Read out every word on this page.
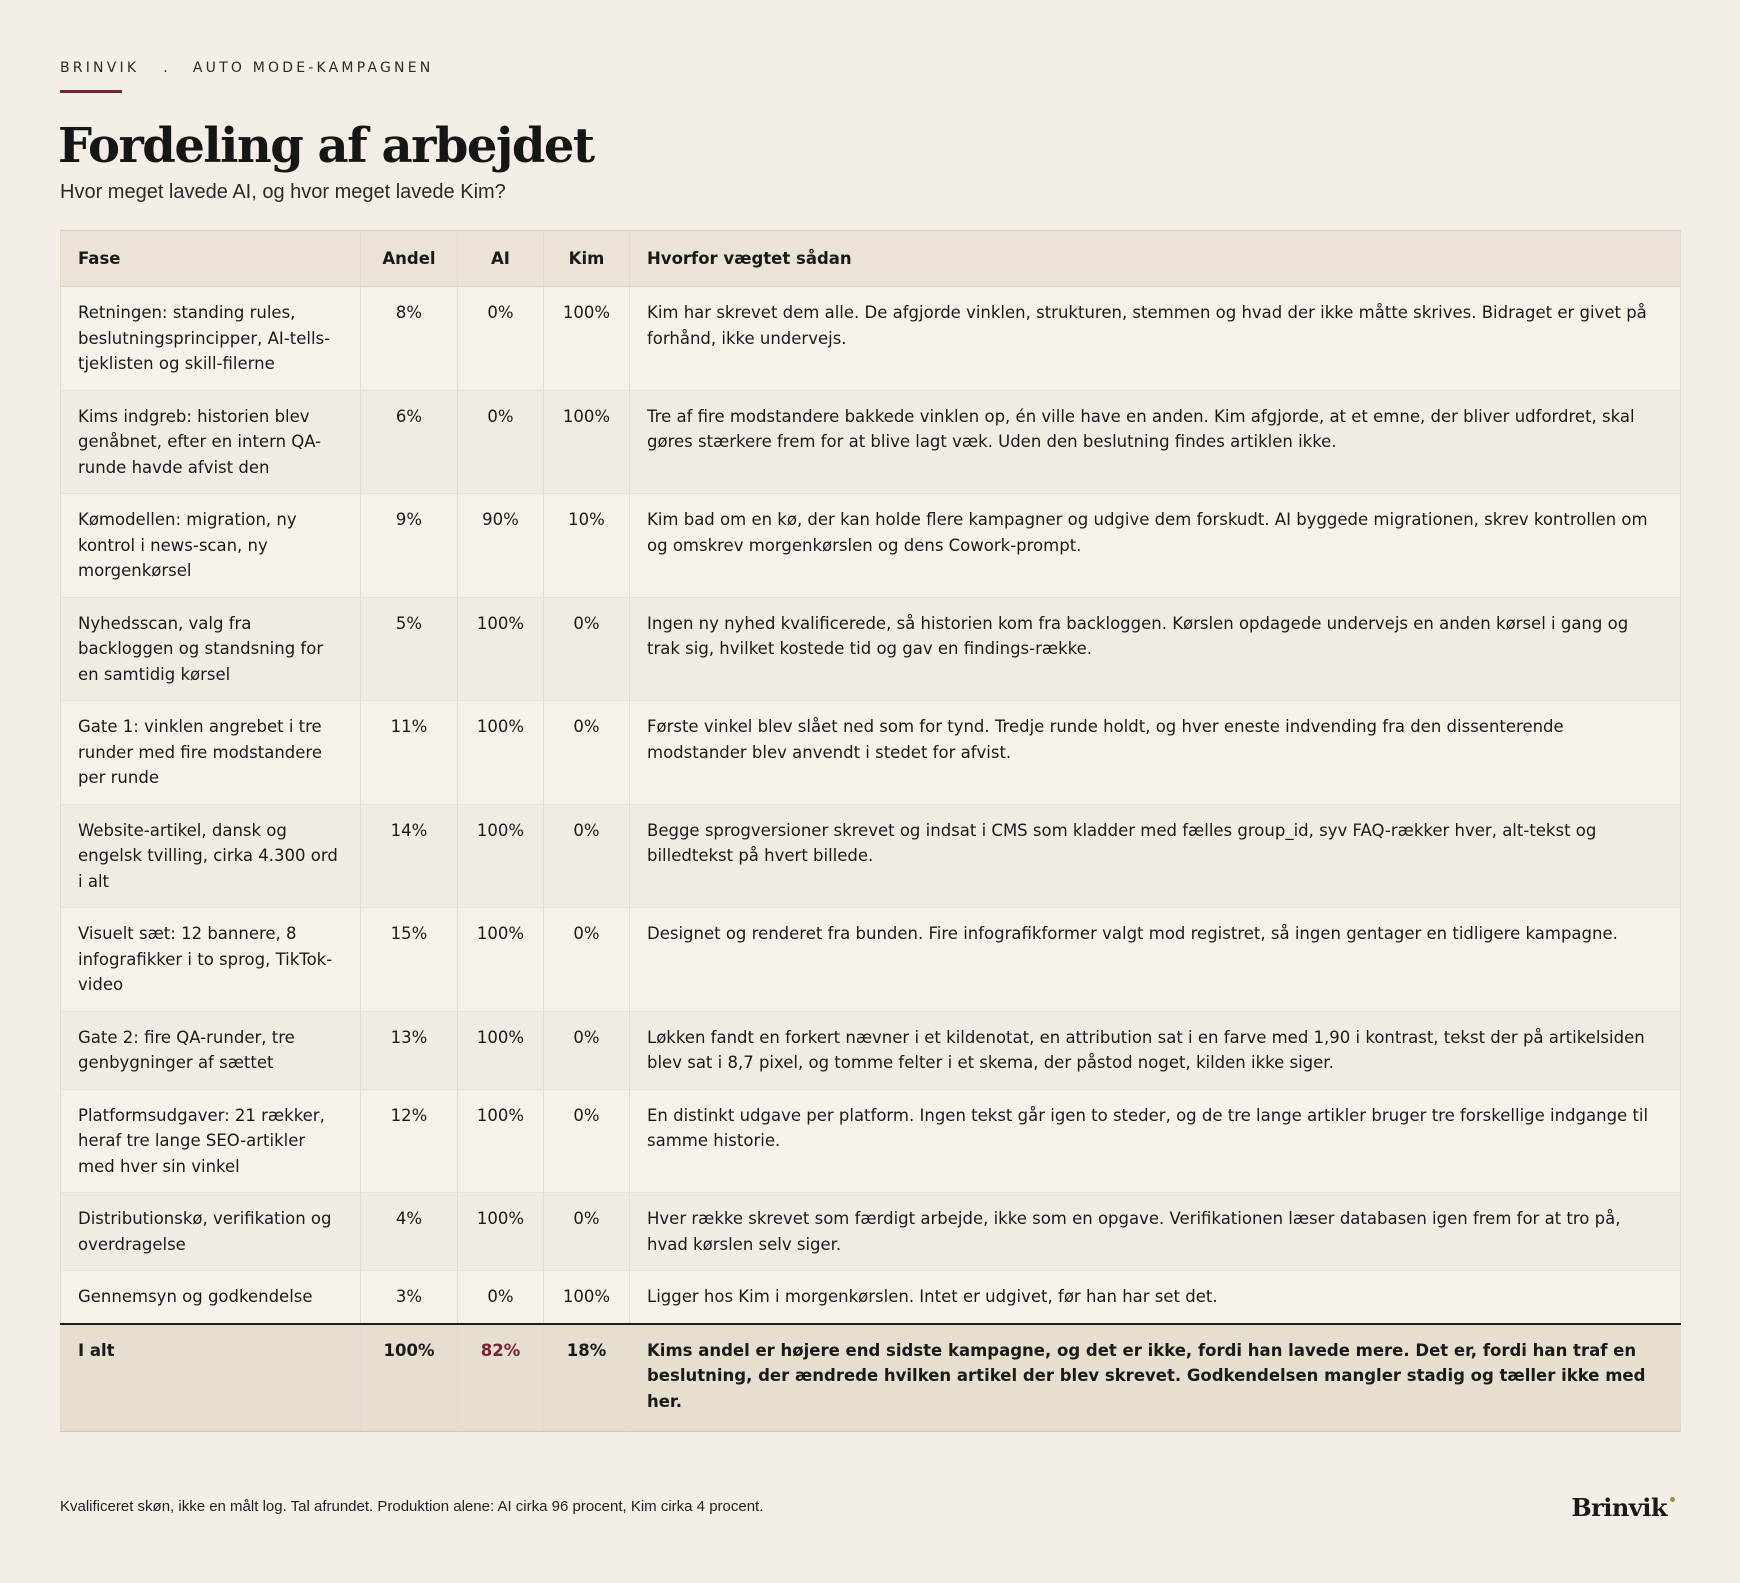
BRINVIK . AUTO MODE-KAMPAGNEN
Fordeling af arbejdet

Hvor meget lavede AI, og hvor meget lavede Kim?

Fase	Andel	AI	Kim	Hvorfor vægtet sådan
Retningen: standing rules, beslutningsprincipper, AI-tells-tjeklisten og skill-filerne	8%	0%	100%	Kim har skrevet dem alle. De afgjorde vinklen, strukturen, stemmen og hvad der ikke måtte skrives. Bidraget er givet på forhånd, ikke undervejs.
Kims indgreb: historien blev genåbnet, efter en intern QA-runde havde afvist den	6%	0%	100%	Tre af fire modstandere bakkede vinklen op, én ville have en anden. Kim afgjorde, at et emne, der bliver udfordret, skal gøres stærkere frem for at blive lagt væk. Uden den beslutning findes artiklen ikke.
Kømodellen: migration, ny kontrol i news-scan, ny morgenkørsel	9%	90%	10%	Kim bad om en kø, der kan holde flere kampagner og udgive dem forskudt. AI byggede migrationen, skrev kontrollen om og omskrev morgenkørslen og dens Cowork-prompt.
Nyhedsscan, valg fra backloggen og standsning for en samtidig kørsel	5%	100%	0%	Ingen ny nyhed kvalificerede, så historien kom fra backloggen. Kørslen opdagede undervejs en anden kørsel i gang og trak sig, hvilket kostede tid og gav en findings-række.
Gate 1: vinklen angrebet i tre runder med fire modstandere per runde	11%	100%	0%	Første vinkel blev slået ned som for tynd. Tredje runde holdt, og hver eneste indvending fra den dissenterende modstander blev anvendt i stedet for afvist.
Website-artikel, dansk og engelsk tvilling, cirka 4.300 ord i alt	14%	100%	0%	Begge sprogversioner skrevet og indsat i CMS som kladder med fælles group_id, syv FAQ-rækker hver, alt-tekst og billedtekst på hvert billede.
Visuelt sæt: 12 bannere, 8 infografikker i to sprog, TikTok-video	15%	100%	0%	Designet og renderet fra bunden. Fire infografikformer valgt mod registret, så ingen gentager en tidligere kampagne.
Gate 2: fire QA-runder, tre genbygninger af sættet	13%	100%	0%	Løkken fandt en forkert nævner i et kildenotat, en attribution sat i en farve med 1,90 i kontrast, tekst der på artikelsiden blev sat i 8,7 pixel, og tomme felter i et skema, der påstod noget, kilden ikke siger.
Platformsudgaver: 21 rækker, heraf tre lange SEO-artikler med hver sin vinkel	12%	100%	0%	En distinkt udgave per platform. Ingen tekst går igen to steder, og de tre lange artikler bruger tre forskellige indgange til samme historie.
Distributionskø, verifikation og overdragelse	4%	100%	0%	Hver række skrevet som færdigt arbejde, ikke som en opgave. Verifikationen læser databasen igen frem for at tro på, hvad kørslen selv siger.
Gennemsyn og godkendelse	3%	0%	100%	Ligger hos Kim i morgenkørslen. Intet er udgivet, før han har set det.
I alt	100%	82%	18%	Kims andel er højere end sidste kampagne, og det er ikke, fordi han lavede mere. Det er, fordi han traf en beslutning, der ændrede hvilken artikel der blev skrevet. Godkendelsen mangler stadig og tæller ikke med her.
Kvalificeret skøn, ikke en målt log. Tal afrundet. Produktion alene: AI cirka 96 procent, Kim cirka 4 procent.	Brinvik
